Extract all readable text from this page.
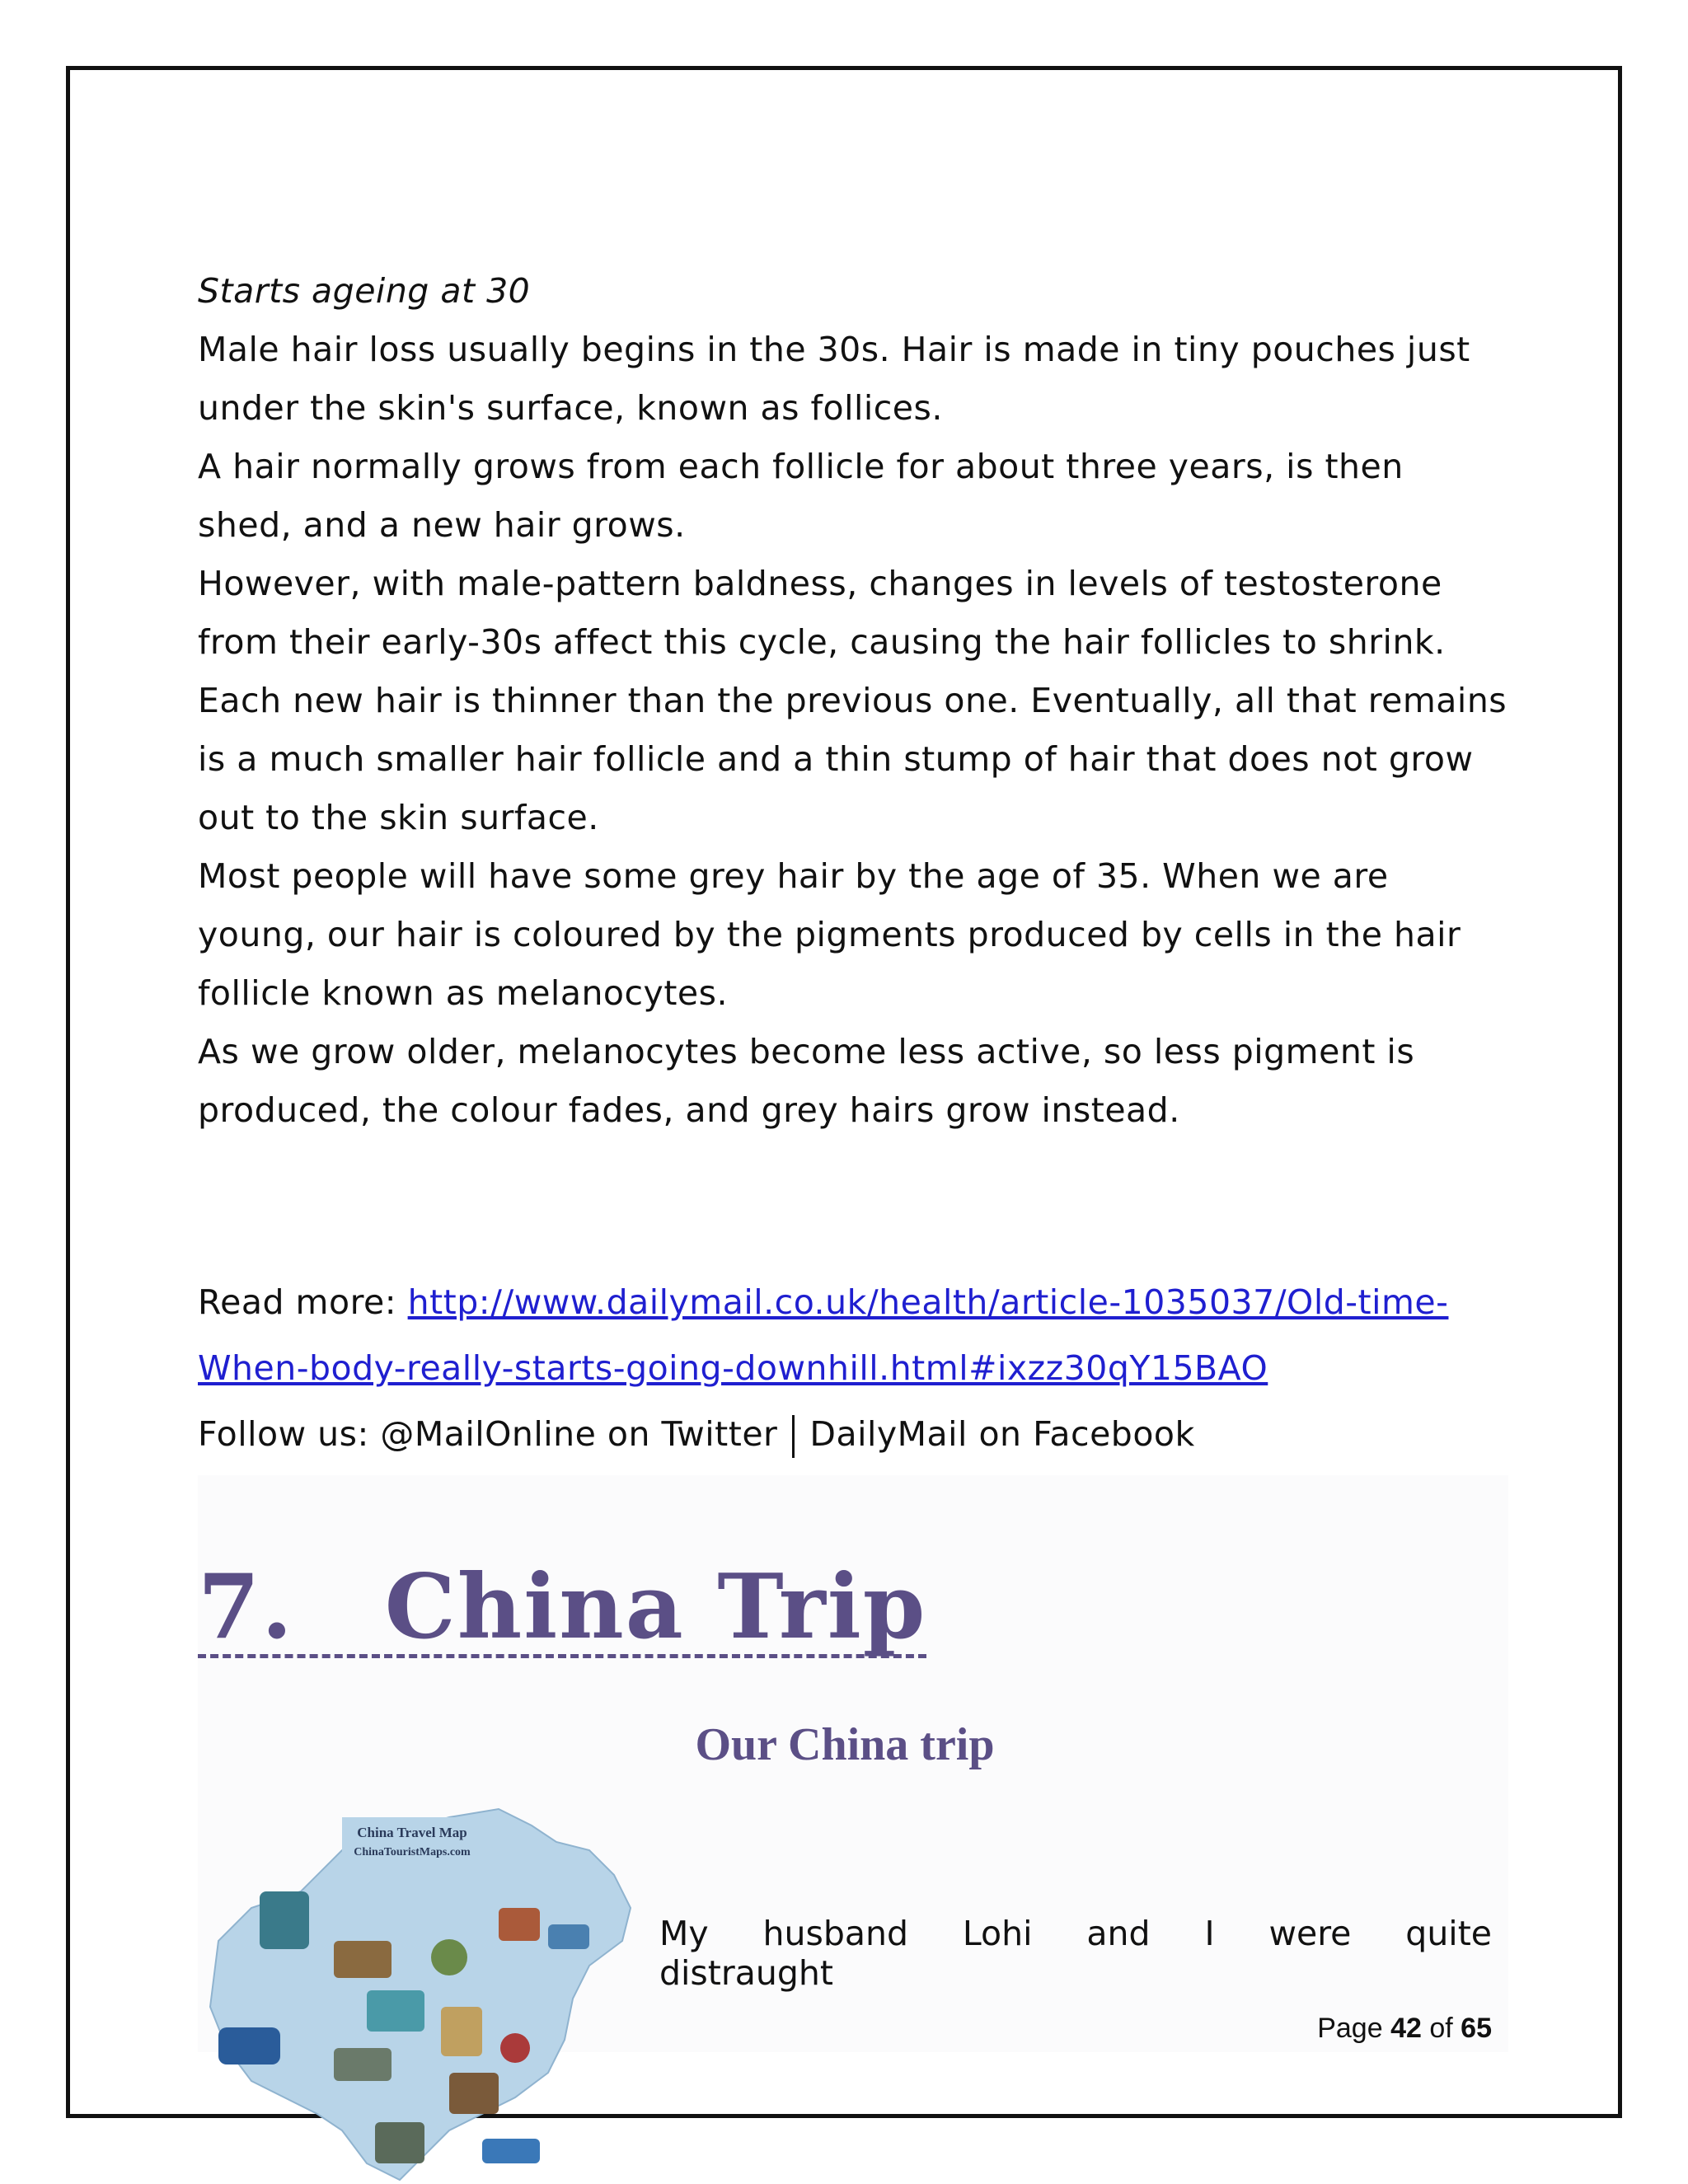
Starts ageing at 30

Male hair loss usually begins in the 30s. Hair is made in tiny pouches just under the skin's surface, known as follices.

A hair normally grows from each follicle for about three years, is then shed, and a new hair grows.

However, with male-pattern baldness, changes in levels of testosterone from their early-30s affect this cycle, causing the hair follicles to shrink.

Each new hair is thinner than the previous one. Eventually, all that remains is a much smaller hair follicle and a thin stump of hair that does not grow out to the skin surface.

Most people will have some grey hair by the age of 35. When we are young, our hair is coloured by the pigments produced by cells in the hair follicle known as melanocytes.

As we grow older, melanocytes become less active, so less pigment is produced, the colour fades, and grey hairs grow instead.

Read more: http://www.dailymail.co.uk/health/article-1035037/Old-time-When-body-really-starts-going-downhill.html#ixzz30qY15BAO

Follow us: @MailOnline on Twitter DailyMail on Facebook

7. China Trip
Our China trip
China Travel Map
ChinaTouristMaps.com
My husband Lohi and I were quite distraught
Page 42 of 65
